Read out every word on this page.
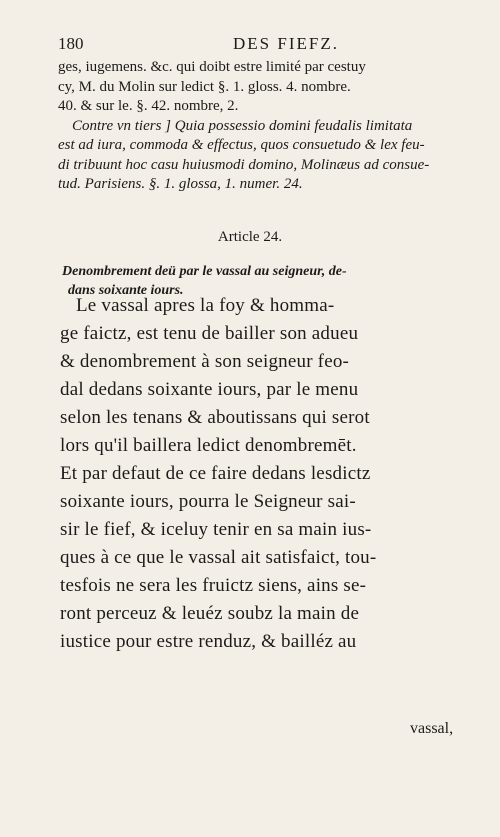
180	DES FIEFZ.
ges, iugemens. &c. qui doibt estre limité par cestuy
cy, M. du Molin sur ledict §. 1. gloss. 4. nombre.
40. & sur le. §. 42. nombre, 2.
Contre vn tiers ] Quia possessio domini feudalis limitata
est ad iura, commoda & effectus, quos consuetudo & lex feu-
di tribuunt hoc casu huiusmodi domino, Molinæus ad consue-
tud. Parisiens. §. 1. glossa, 1. numer. 24.
Article 24.
Denombrement deü par le vassal au seigneur, de-
dans soixante iours.
Le vassal apres la foy & homma-
ge faictz, est tenu de bailler son adueu
& denombrement à son seigneur feo-
dal dedans soixante iours, par le menu
selon les tenans & aboutissans qui serot
lors qu'il baillera ledict denombremēt.
Et par defaut de ce faire dedans lesdictz
soixante iours, pourra le Seigneur sai-
sir le fief, & iceluy tenir en sa main ius-
ques à ce que le vassal ait satisfaict, tou-
tesfois ne sera les fruictz siens, ains se-
ront perceuz & leuéz soubz la main de
iustice pour estre renduz, & bailléz au
vassal,
